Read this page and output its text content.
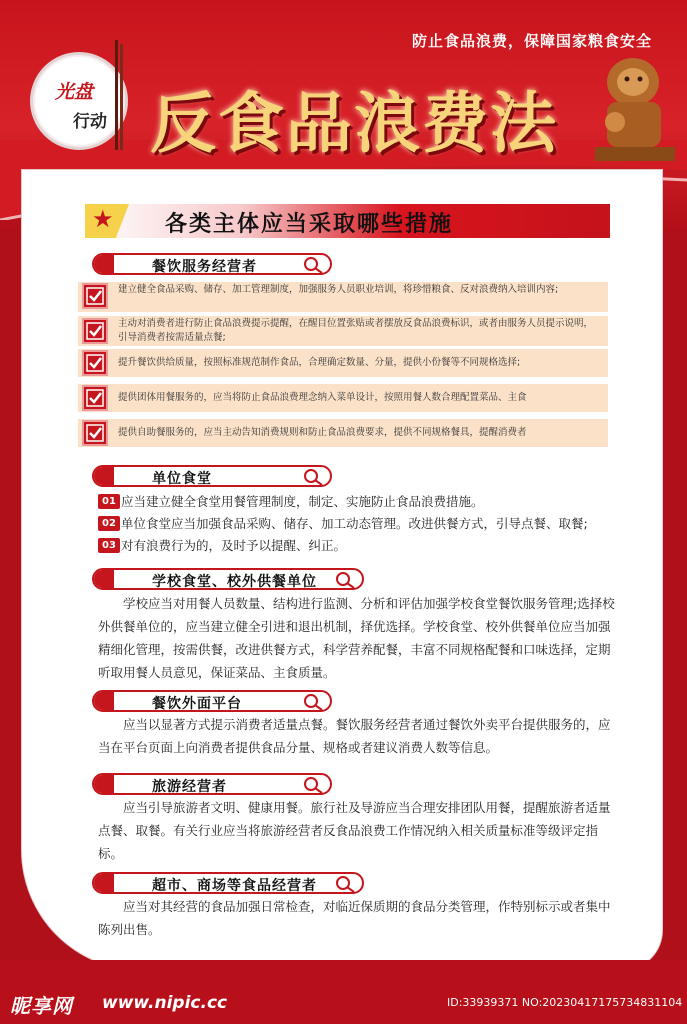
防止食品浪费，保障国家粮食安全
光盘
行动 反食品浪费法
★ 各类主体应当采取哪些措施
餐饮服务经营者
建立健全食品采购、储存、加工管理制度，加强服务人员职业培训，将珍惜粮食、反对浪费纳入培训内容;
主动对消费者进行防止食品浪费提示提醒，在醒目位置张贴或者摆放反食品浪费标识，或者由服务人员提示说明，引导消费者按需适量点餐;
提升餐饮供给质量，按照标准规范制作食品，合理确定数量、分量，提供小份餐等不同规格选择;
提供团体用餐服务的，应当将防止食品浪费理念纳入菜单设计，按照用餐人数合理配置菜品、主食
提供自助餐服务的，应当主动告知消费规则和防止食品浪费要求，提供不同规格餐具，提醒消费者
单位食堂
01 应当建立健全食堂用餐管理制度，制定、实施防止食品浪费措施。
02 单位食堂应当加强食品采购、储存、加工动态管理。改进供餐方式，引导点餐、取餐;
03 对有浪费行为的，及时予以提醒、纠正。
学校食堂、校外供餐单位
学校应当对用餐人员数量、结构进行监测、分析和评估加强学校食堂餐饮服务管理;选择校外供餐单位的，应当建立健全引进和退出机制，择优选择。学校食堂、校外供餐单位应当加强精细化管理，按需供餐，改进供餐方式，科学营养配餐，丰富不同规格配餐和口味选择，定期听取用餐人员意见，保证菜品、主食质量。
餐饮外面平台
应当以显著方式提示消费者适量点餐。餐饮服务经营者通过餐饮外卖平台提供服务的，应当在平台页面上向消费者提供食品分量、规格或者建议消费人数等信息。
旅游经营者
应当引导旅游者文明、健康用餐。旅行社及导游应当合理安排团队用餐，提醒旅游者适量点餐、取餐。有关行业应当将旅游经营者反食品浪费工作情况纳入相关质量标准等级评定指标。
超市、商场等食品经营者
应当对其经营的食品加强日常检查，对临近保质期的食品分类管理，作特别标示或者集中陈列出售。
昵享网 www.nipic.cc	ID:33939371 NO:20230417175734831104
